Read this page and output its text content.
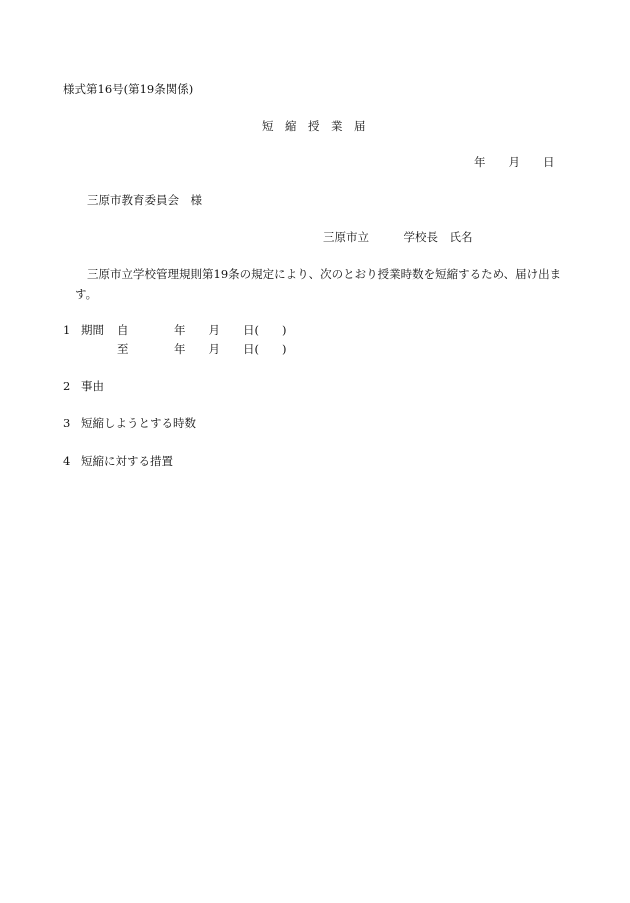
様式第16号(第19条関係)
短　縮　授　業　届
年　　月　　日
三原市教育委員会　様
三原市立　　　学校長　氏名
三原市立学校管理規則第19条の規定により、次のとおり授業時数を短縮するため、届け出ま
す。
1 期間 自	年　　月　　日(　　)
至	年　　月　　日(　　)
2 事由
3 短縮しようとする時数
4 短縮に対する措置
